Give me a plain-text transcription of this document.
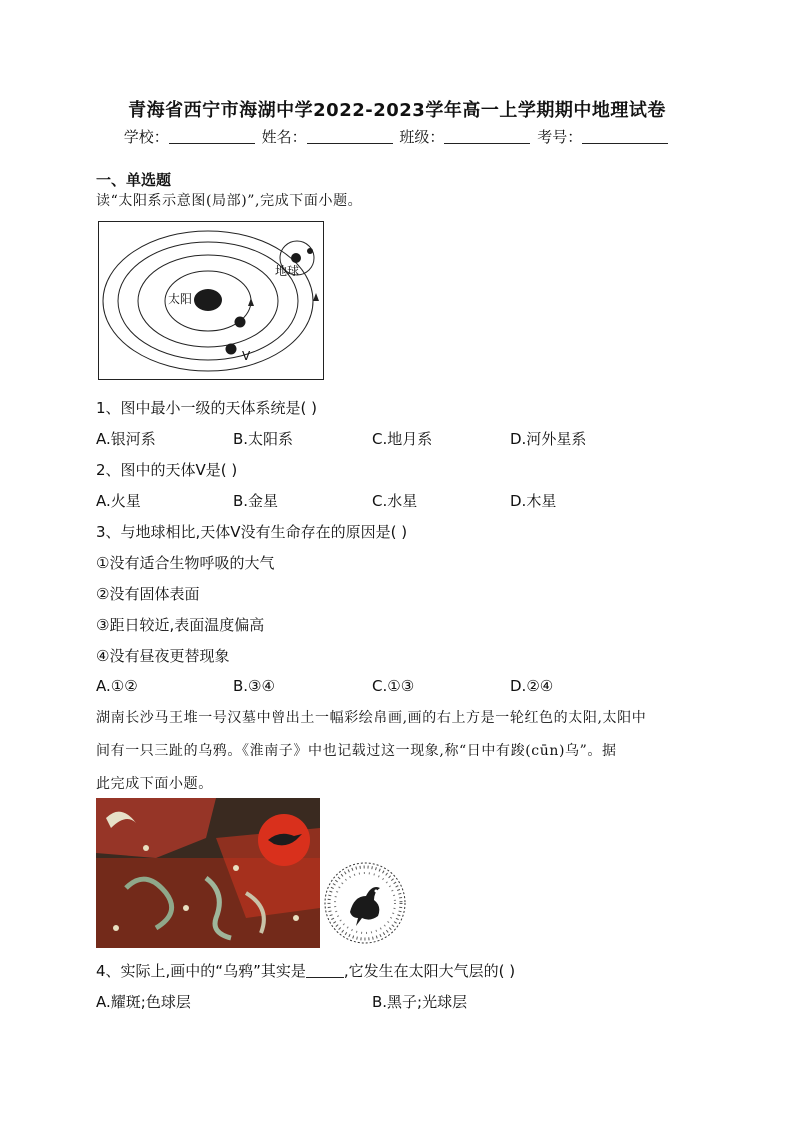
青海省西宁市海湖中学2022-2023学年高一上学期期中地理试卷
学校：	姓名：	班级：	考号：
一、单选题
读“太阳系示意图(局部)”,完成下面小题。
太阳
地球
V
1、图中最小一级的天体系统是( )
A.银河系	B.太阳系	C.地月系	D.河外星系
2、图中的天体V是( )
A.火星	B.金星	C.水星	D.木星
3、与地球相比,天体V没有生命存在的原因是( )
①没有适合生物呼吸的大气
②没有固体表面
③距日较近,表面温度偏高
④没有昼夜更替现象
A.①②	B.③④	C.①③	D.②④
湖南长沙马王堆一号汉墓中曾出土一幅彩绘帛画,画的右上方是一轮红色的太阳,太阳中
间有一只三趾的乌鸦。《淮南子》中也记载过这一现象,称“日中有踆(cūn)乌”。据
此完成下面小题。
4、实际上,画中的“乌鸦”其实是	,它发生在太阳大气层的( )
A.耀斑;色球层	B.黑子;光球层
